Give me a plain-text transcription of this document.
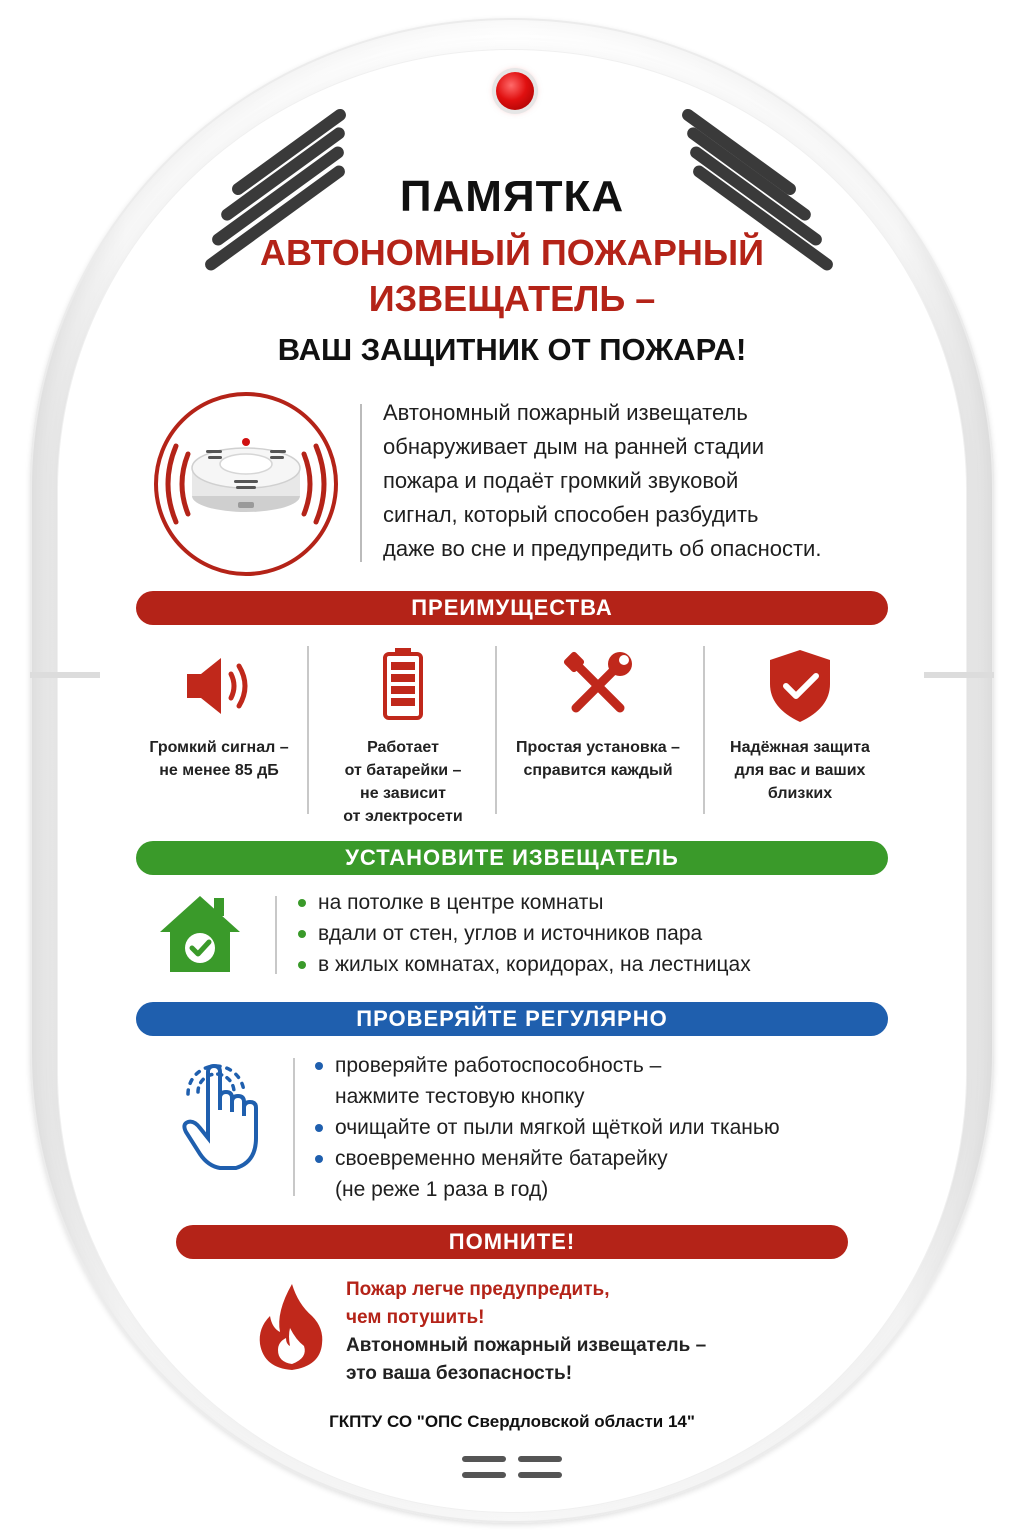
ПАМЯТКА
АВТОНОМНЫЙ ПОЖАРНЫЙ
ИЗВЕЩАТЕЛЬ –
ВАШ ЗАЩИТНИК ОТ ПОЖАРА!
Автономный пожарный извещатель
обнаруживает дым на ранней стадии
пожара и подаёт громкий звуковой
сигнал, который способен разбудить
даже во сне и предупредить об опасности.
ПРЕИМУЩЕСТВА
Громкий сигнал –
не менее 85 дБ
Работает
от батарейки –
не зависит
от электросети
Простая установка –
справится каждый
Надёжная защита
для вас и ваших
близких
УСТАНОВИТЕ ИЗВЕЩАТЕЛЬ
на потолке в центре комнаты
вдали от стен, углов и источников пара
в жилых комнатах, коридорах, на лестницах
ПРОВЕРЯЙТЕ РЕГУЛЯРНО
проверяйте работоспособность –
нажмите тестовую кнопку
очищайте от пыли мягкой щёткой или тканью
своевременно меняйте батарейку
(не реже 1 раза в год)
ПОМНИТЕ!
Пожар легче предупредить,
чем потушить!
Автономный пожарный извещатель –
это ваша безопасность!
ГКПТУ СО "ОПС Свердловской области 14"
